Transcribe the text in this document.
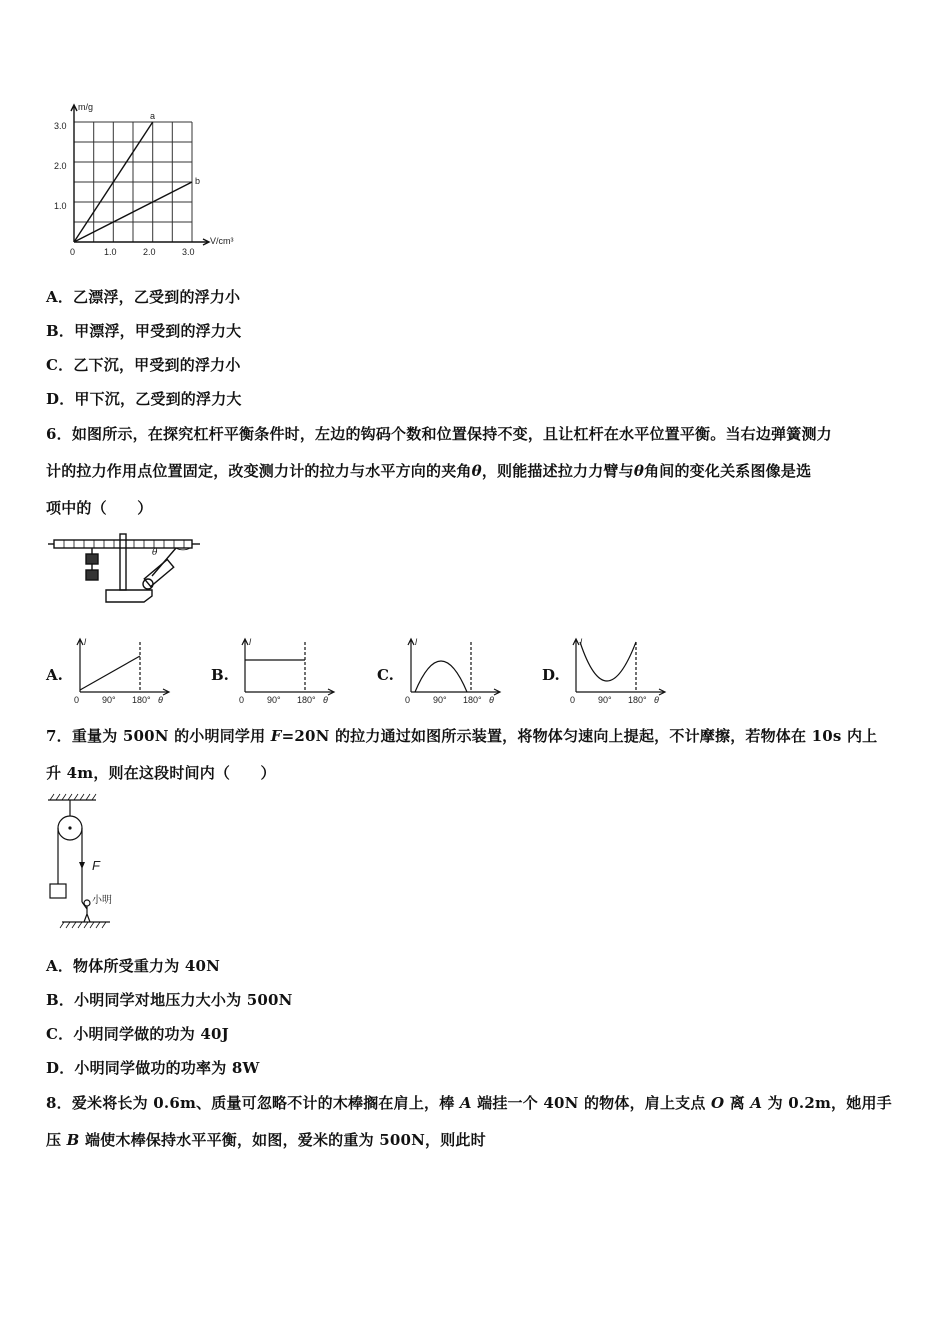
m/g
V/cm³
3.0
2.0
1.0
0	1.0	2.0	3.0
a
b
A．乙漂浮，乙受到的浮力小
B．甲漂浮，甲受到的浮力大
C．乙下沉，甲受到的浮力小
D．甲下沉，乙受到的浮力大
6．如图所示，在探究杠杆平衡条件时，左边的钩码个数和位置保持不变，且让杠杆在水平位置平衡。当右边弹簧测力
计的拉力作用点位置固定，改变测力计的拉力与水平方向的夹角θ，则能描述拉力力臂与θ角间的变化关系图像是选
项中的（　　）
θ
A.
l
0	90° 180° θ
B.
l
0	90° 180° θ
C.
l
0	90° 180° θ
D.
l
0	90° 180° θ
7．重量为 500N 的小明同学用 F=20N 的拉力通过如图所示装置，将物体匀速向上提起，不计摩擦，若物体在 10s 内上
升 4m，则在这段时间内（　　）
F
小明
A．物体所受重力为 40N
B．小明同学对地压力大小为 500N
C．小明同学做的功为 40J
D．小明同学做功的功率为 8W
8．爱米将长为 0.6m、质量可忽略不计的木棒搁在肩上，棒 A 端挂一个 40N 的物体，肩上支点 O 离 A 为 0.2m，她用手
压 B 端使木棒保持水平平衡，如图，爱米的重为 500N，则此时
